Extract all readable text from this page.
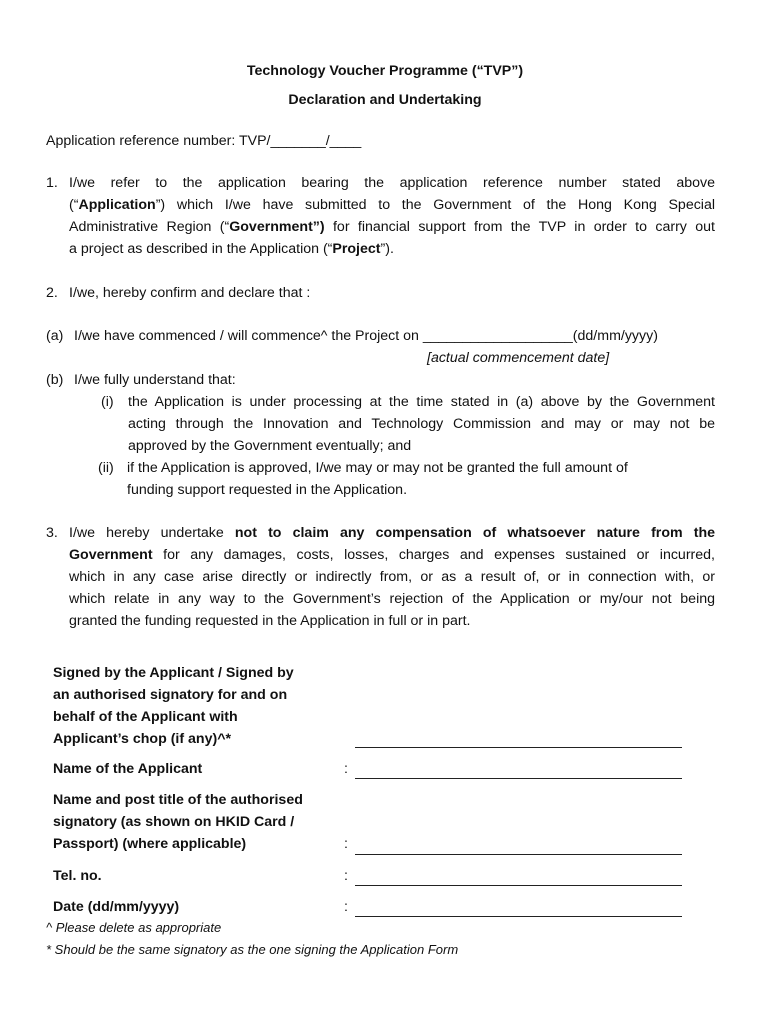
Technology Voucher Programme (“TVP”)
Declaration and Undertaking
Application reference number: TVP/_______/____
1. I/we refer to the application bearing the application reference number stated above
(“Application”) which I/we have submitted to the Government of the Hong Kong Special
Administrative Region (“Government”) for financial support from the TVP in order to carry out
a project as described in the Application (“Project”).
2. I/we, hereby confirm and declare that :
(a) I/we have commenced / will commence^ the Project on ___________________(dd/mm/yyyy)
[actual commencement date]
(b) I/we fully understand that:
(i) the Application is under processing at the time stated in (a) above by the Government
acting through the Innovation and Technology Commission and may or may not be
approved by the Government eventually; and
(ii) if the Application is approved, I/we may or may not be granted the full amount of
funding support requested in the Application.
3. I/we hereby undertake not to claim any compensation of whatsoever nature from the
Government for any damages, costs, losses, charges and expenses sustained or incurred,
which in any case arise directly or indirectly from, or as a result of, or in connection with, or
which relate in any way to the Government’s rejection of the Application or my/our not being
granted the funding requested in the Application in full or in part.
Signed by the Applicant / Signed by
an authorised signatory for and on
behalf of the Applicant with
Applicant’s chop (if any)^*
Name of the Applicant	:
Name and post title of the authorised
signatory (as shown on HKID Card /
Passport) (where applicable)	:
Tel. no.	:
Date (dd/mm/yyyy)	:
^ Please delete as appropriate
* Should be the same signatory as the one signing the Application Form
